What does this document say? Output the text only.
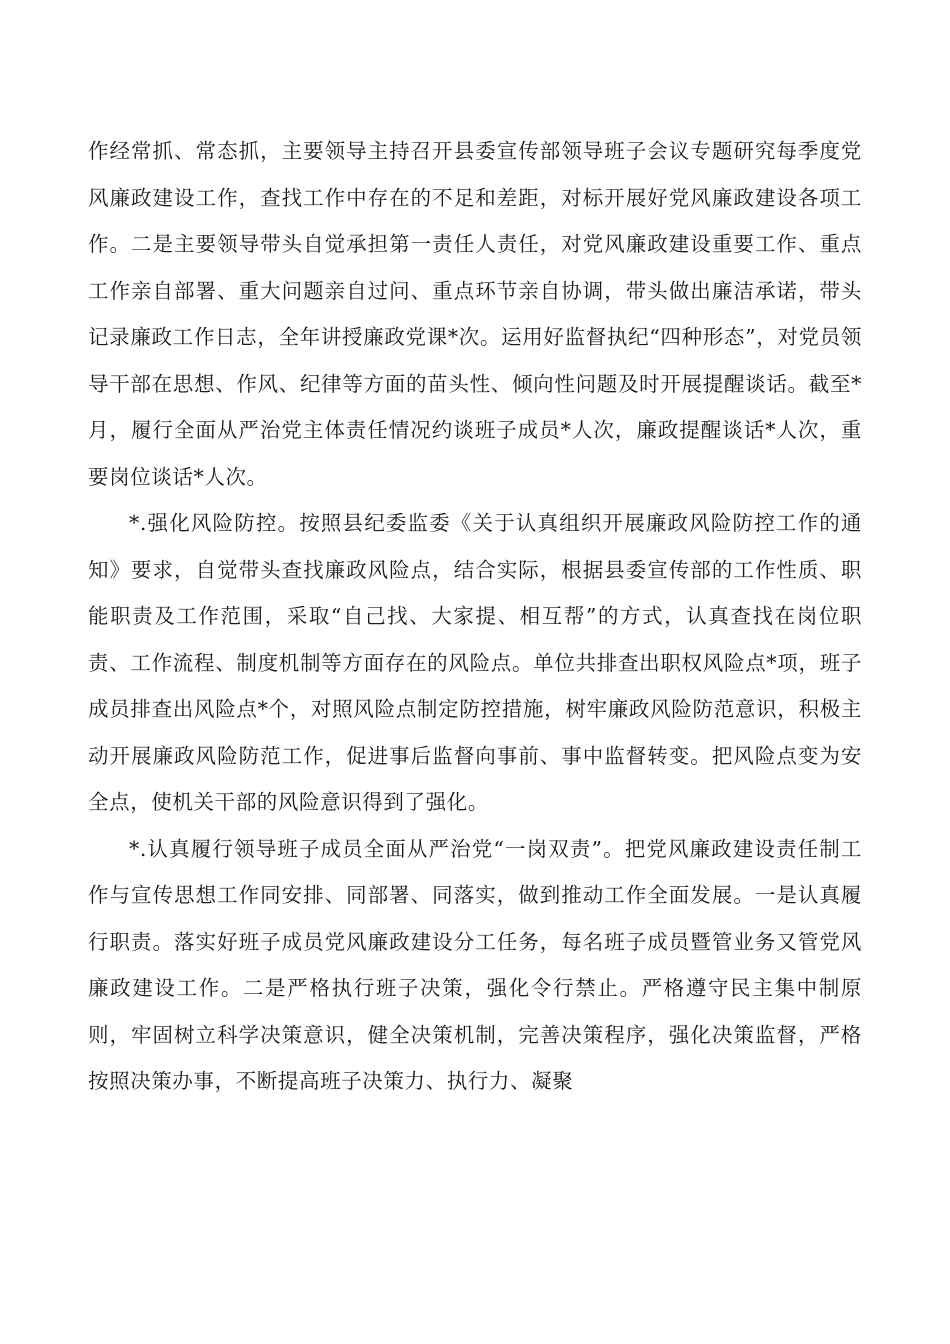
作经常抓、常态抓，主要领导主持召开县委宣传部领导班子会议专题研究每季度党风廉政建设工作，查找工作中存在的不足和差距，对标开展好党风廉政建设各项工作。二是主要领导带头自觉承担第一责任人责任，对党风廉政建设重要工作、重点工作亲自部署、重大问题亲自过问、重点环节亲自协调，带头做出廉洁承诺，带头记录廉政工作日志，全年讲授廉政党课*次。运用好监督执纪“四种形态”，对党员领导干部在思想、作风、纪律等方面的苗头性、倾向性问题及时开展提醒谈话。截至*月，履行全面从严治党主体责任情况约谈班子成员*人次，廉政提醒谈话*人次，重要岗位谈话*人次。

*.强化风险防控。按照县纪委监委《关于认真组织开展廉政风险防控工作的通知》要求，自觉带头查找廉政风险点，结合实际，根据县委宣传部的工作性质、职能职责及工作范围，采取“自己找、大家提、相互帮”的方式，认真查找在岗位职责、工作流程、制度机制等方面存在的风险点。单位共排查出职权风险点*项，班子成员排查出风险点*个，对照风险点制定防控措施，树牢廉政风险防范意识，积极主动开展廉政风险防范工作，促进事后监督向事前、事中监督转变。把风险点变为安全点，使机关干部的风险意识得到了强化。

*.认真履行领导班子成员全面从严治党“一岗双责”。把党风廉政建设责任制工作与宣传思想工作同安排、同部署、同落实，做到推动工作全面发展。一是认真履行职责。落实好班子成员党风廉政建设分工任务，每名班子成员暨管业务又管党风廉政建设工作。二是严格执行班子决策，强化令行禁止。严格遵守民主集中制原则，牢固树立科学决策意识，健全决策机制，完善决策程序，强化决策监督，严格按照决策办事，不断提高班子决策力、执行力、凝聚
